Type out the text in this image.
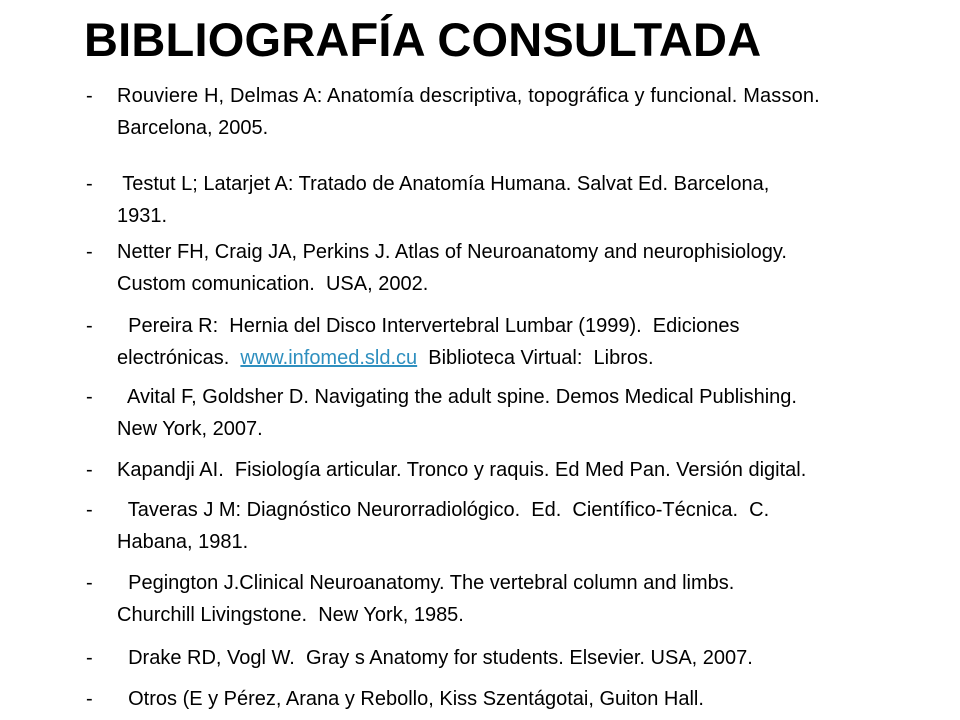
BIBLIOGRAFÍA CONSULTADA
- Rouviere H, Delmas A: Anatomía descriptiva, topográfica y funcional. Masson.
Barcelona, 2005.
- Testut L; Latarjet A: Tratado de Anatomía Humana. Salvat Ed. Barcelona,
1931.
- Netter FH, Craig JA, Perkins J. Atlas of Neuroanatomy and neurophisiology.
Custom comunication.  USA, 2002.
- Pereira R:  Hernia del Disco Intervertebral Lumbar (1999).  Ediciones
electrónicas.  www.infomed.sld.cu  Biblioteca Virtual:  Libros.
- Avital F, Goldsher D. Navigating the adult spine. Demos Medical Publishing.
New York, 2007.
- Kapandji AI.  Fisiología articular. Tronco y raquis. Ed Med Pan. Versión digital.
- Taveras J M: Diagnóstico Neurorradiológico.  Ed.  Científico-Técnica.  C.
Habana, 1981.
- Pegington J.Clinical Neuroanatomy. The vertebral column and limbs.
Churchill Livingstone.  New York, 1985.
- Drake RD, Vogl W.  Gray s Anatomy for students. Elsevier. USA, 2007.
- Otros (E y Pérez, Arana y Rebollo, Kiss Szentágotai, Guiton Hall.
